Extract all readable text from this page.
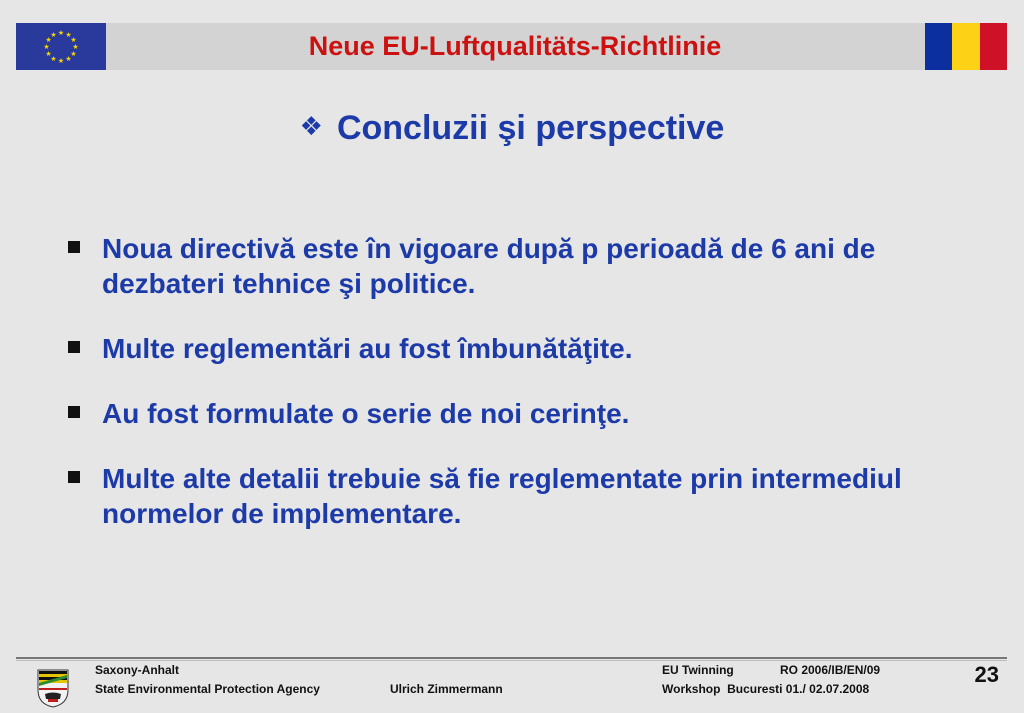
★ ★
★
★
★
★
★
★
★
★
★
★	Neue EU-Luftqualitäts-Richtlinie
❖ Concluzii şi perspective
Noua directivă este în vigoare după p perioadă de 6 ani de dezbateri tehnice şi politice.
Multe reglementări au fost îmbunătăţite.
Au fost formulate o serie de noi cerinţe.
Multe alte detalii trebuie să fie reglementate prin intermediul normelor de implementare.
Saxony-Anhalt
State Environmental Protection Agency	Ulrich Zimmermann
EU Twinning	RO 2006/IB/EN/09
Workshop  Bucuresti 01./ 02.07.2008
23
